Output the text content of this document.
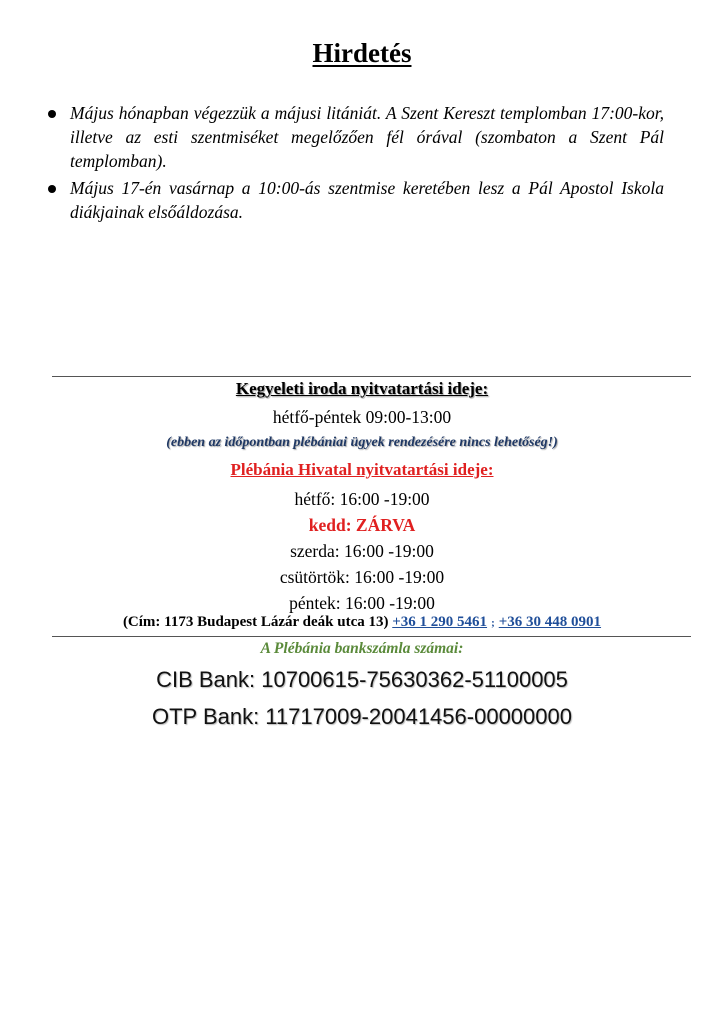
Hirdetés
Május hónapban végezzük a májusi litániát. A Szent Kereszt templomban 17:00-kor, illetve az esti szentmiséket megelőzően fél órával (szombaton a Szent Pál templomban).
Május 17-én vasárnap a 10:00-ás szentmise keretében lesz a Pál Apostol Iskola diákjainak elsőáldozása.
Kegyeleti iroda nyitvatartási ideje:
hétfő-péntek 09:00-13:00
(ebben az időpontban plébániai ügyek rendezésére nincs lehetőség!)
Plébánia Hivatal nyitvatartási ideje:
hétfő: 16:00 -19:00
kedd: ZÁRVA
szerda: 16:00 -19:00
csütörtök: 16:00 -19:00
péntek: 16:00 -19:00
(Cím: 1173 Budapest Lázár deák utca 13) +36 1 290 5461 ; +36 30 448 0901
A Plébánia bankszámla számai:
CIB Bank: 10700615-75630362-51100005
OTP Bank: 11717009-20041456-00000000
